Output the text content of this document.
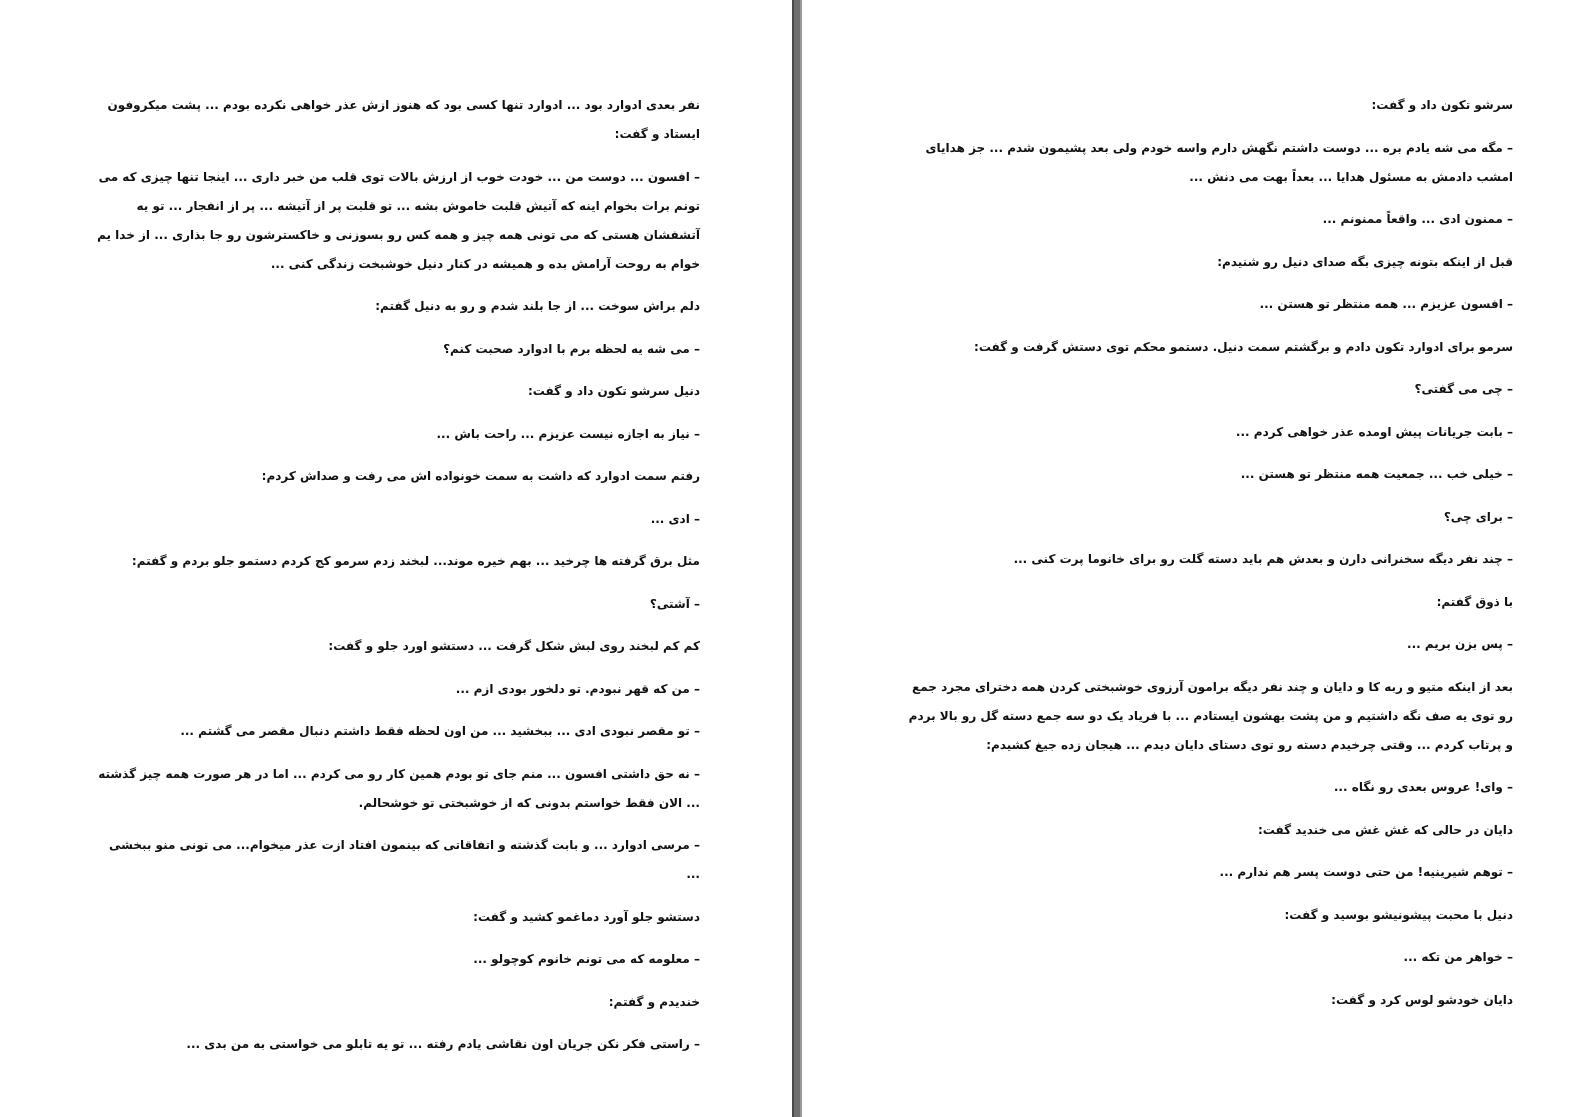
نفر بعدی ادوارد بود ... ادوارد تنها کسی بود که هنوز ازش عذر خواهی نکرده بودم ... پشت میکروفون ایستاد و گفت:

– افسون ... دوست من ... خودت خوب از ارزش بالات توی قلب من خبر داری ... اینجا تنها چیزی که می تونم برات بخوام اینه که آتیش قلبت خاموش بشه ... تو قلبت پر از آتیشه ... پر از انفجار ... تو یه آتشفشان هستی که می تونی همه چیز و همه کس رو بسوزنی و خاکسترشون رو جا بذاری ... از خدا یم خوام به روحت آرامش بده و همیشه در کنار دنیل خوشبخت زندگی کنی ...

دلم براش سوخت ... از جا بلند شدم و رو به دنیل گفتم:

– می شه یه لحظه برم با ادوارد صحبت کنم؟

دنیل سرشو تکون داد و گفت:

– نیاز به اجازه نیست عزیزم ... راحت باش ...

رفتم سمت ادوارد که داشت به سمت خونواده اش می رفت و صداش کردم:

– ادی ...

مثل برق گرفته ها چرخید ... بهم خیره موند... لبخند زدم سرمو کج کردم دستمو جلو بردم و گفتم:

– آشتی؟

کم کم لبخند روی لبش شکل گرفت ... دستشو اورد جلو و گفت:

– من که قهر نبودم. تو دلخور بودی ازم ...

– تو مقصر نبودی ادی ... ببخشید ... من اون لحظه فقط داشتم دنبال مقصر می گشتم ...

– نه حق داشتی افسون ... منم جای تو بودم همین کار رو می کردم ... اما در هر صورت همه چیز گذشته ... الان فقط خواستم بدونی که از خوشبختی تو خوشحالم.

– مرسی ادوارد ... و بابت گذشته و اتفاقاتی که بینمون افتاد ازت عذر میخوام... می تونی منو ببخشی ...

دستشو جلو آورد دماغمو کشید و گفت:

– معلومه که می تونم خانوم کوچولو ...

خندیدم و گفتم:

– راستی فکر نکن جریان اون نقاشی یادم رفته ... تو یه تابلو می خواستی به من بدی ...

سرشو تکون داد و گفت:

– مگه می شه یادم بره ... دوست داشتم نگهش دارم واسه خودم ولی بعد پشیمون شدم ... جز هدایای امشب دادمش به مسئول هدایا ... بعداً بهت می دنش ...

– ممنون ادی ... واقعاً ممنونم ...

قبل از اینکه بتونه چیزی بگه صدای دنیل رو شنیدم:

– افسون عزیزم ... همه منتظر تو هستن ...

سرمو برای ادوارد تکون دادم و برگشتم سمت دنیل. دستمو محکم توی دستش گرفت و گفت:

– چی می گفتی؟

– بابت جریانات پیش اومده عذر خواهی کردم ...

– خیلی خب ... جمعیت همه منتظر تو هستن ...

– برای چی؟

– چند نفر دیگه سخنرانی دارن و بعدش هم باید دسته گلت رو برای خانوما پرت کنی ...

با ذوق گفتم:

– پس بزن بریم ...

بعد از اینکه متیو و ربه کا و دایان و چند نفر دیگه برامون آرزوی خوشبختی کردن همه دخترای مجرد جمع رو توی یه صف نگه داشتیم و من پشت بهشون ایستادم ... با فریاد یک دو سه جمع دسته گل رو بالا بردم و پرتاب کردم ... وقتی چرخیدم دسته رو توی دستای دایان دیدم ... هیجان زده جیغ کشیدم:

– وای! عروس بعدی رو نگاه ...

دایان در حالی که غش غش می خندید گفت:

– توهم شیرینیه! من حتی دوست پسر هم ندارم ...

دنیل با محبت پیشونیشو بوسید و گفت:

– خواهر من تکه ...

دایان خودشو لوس کرد و گفت:
